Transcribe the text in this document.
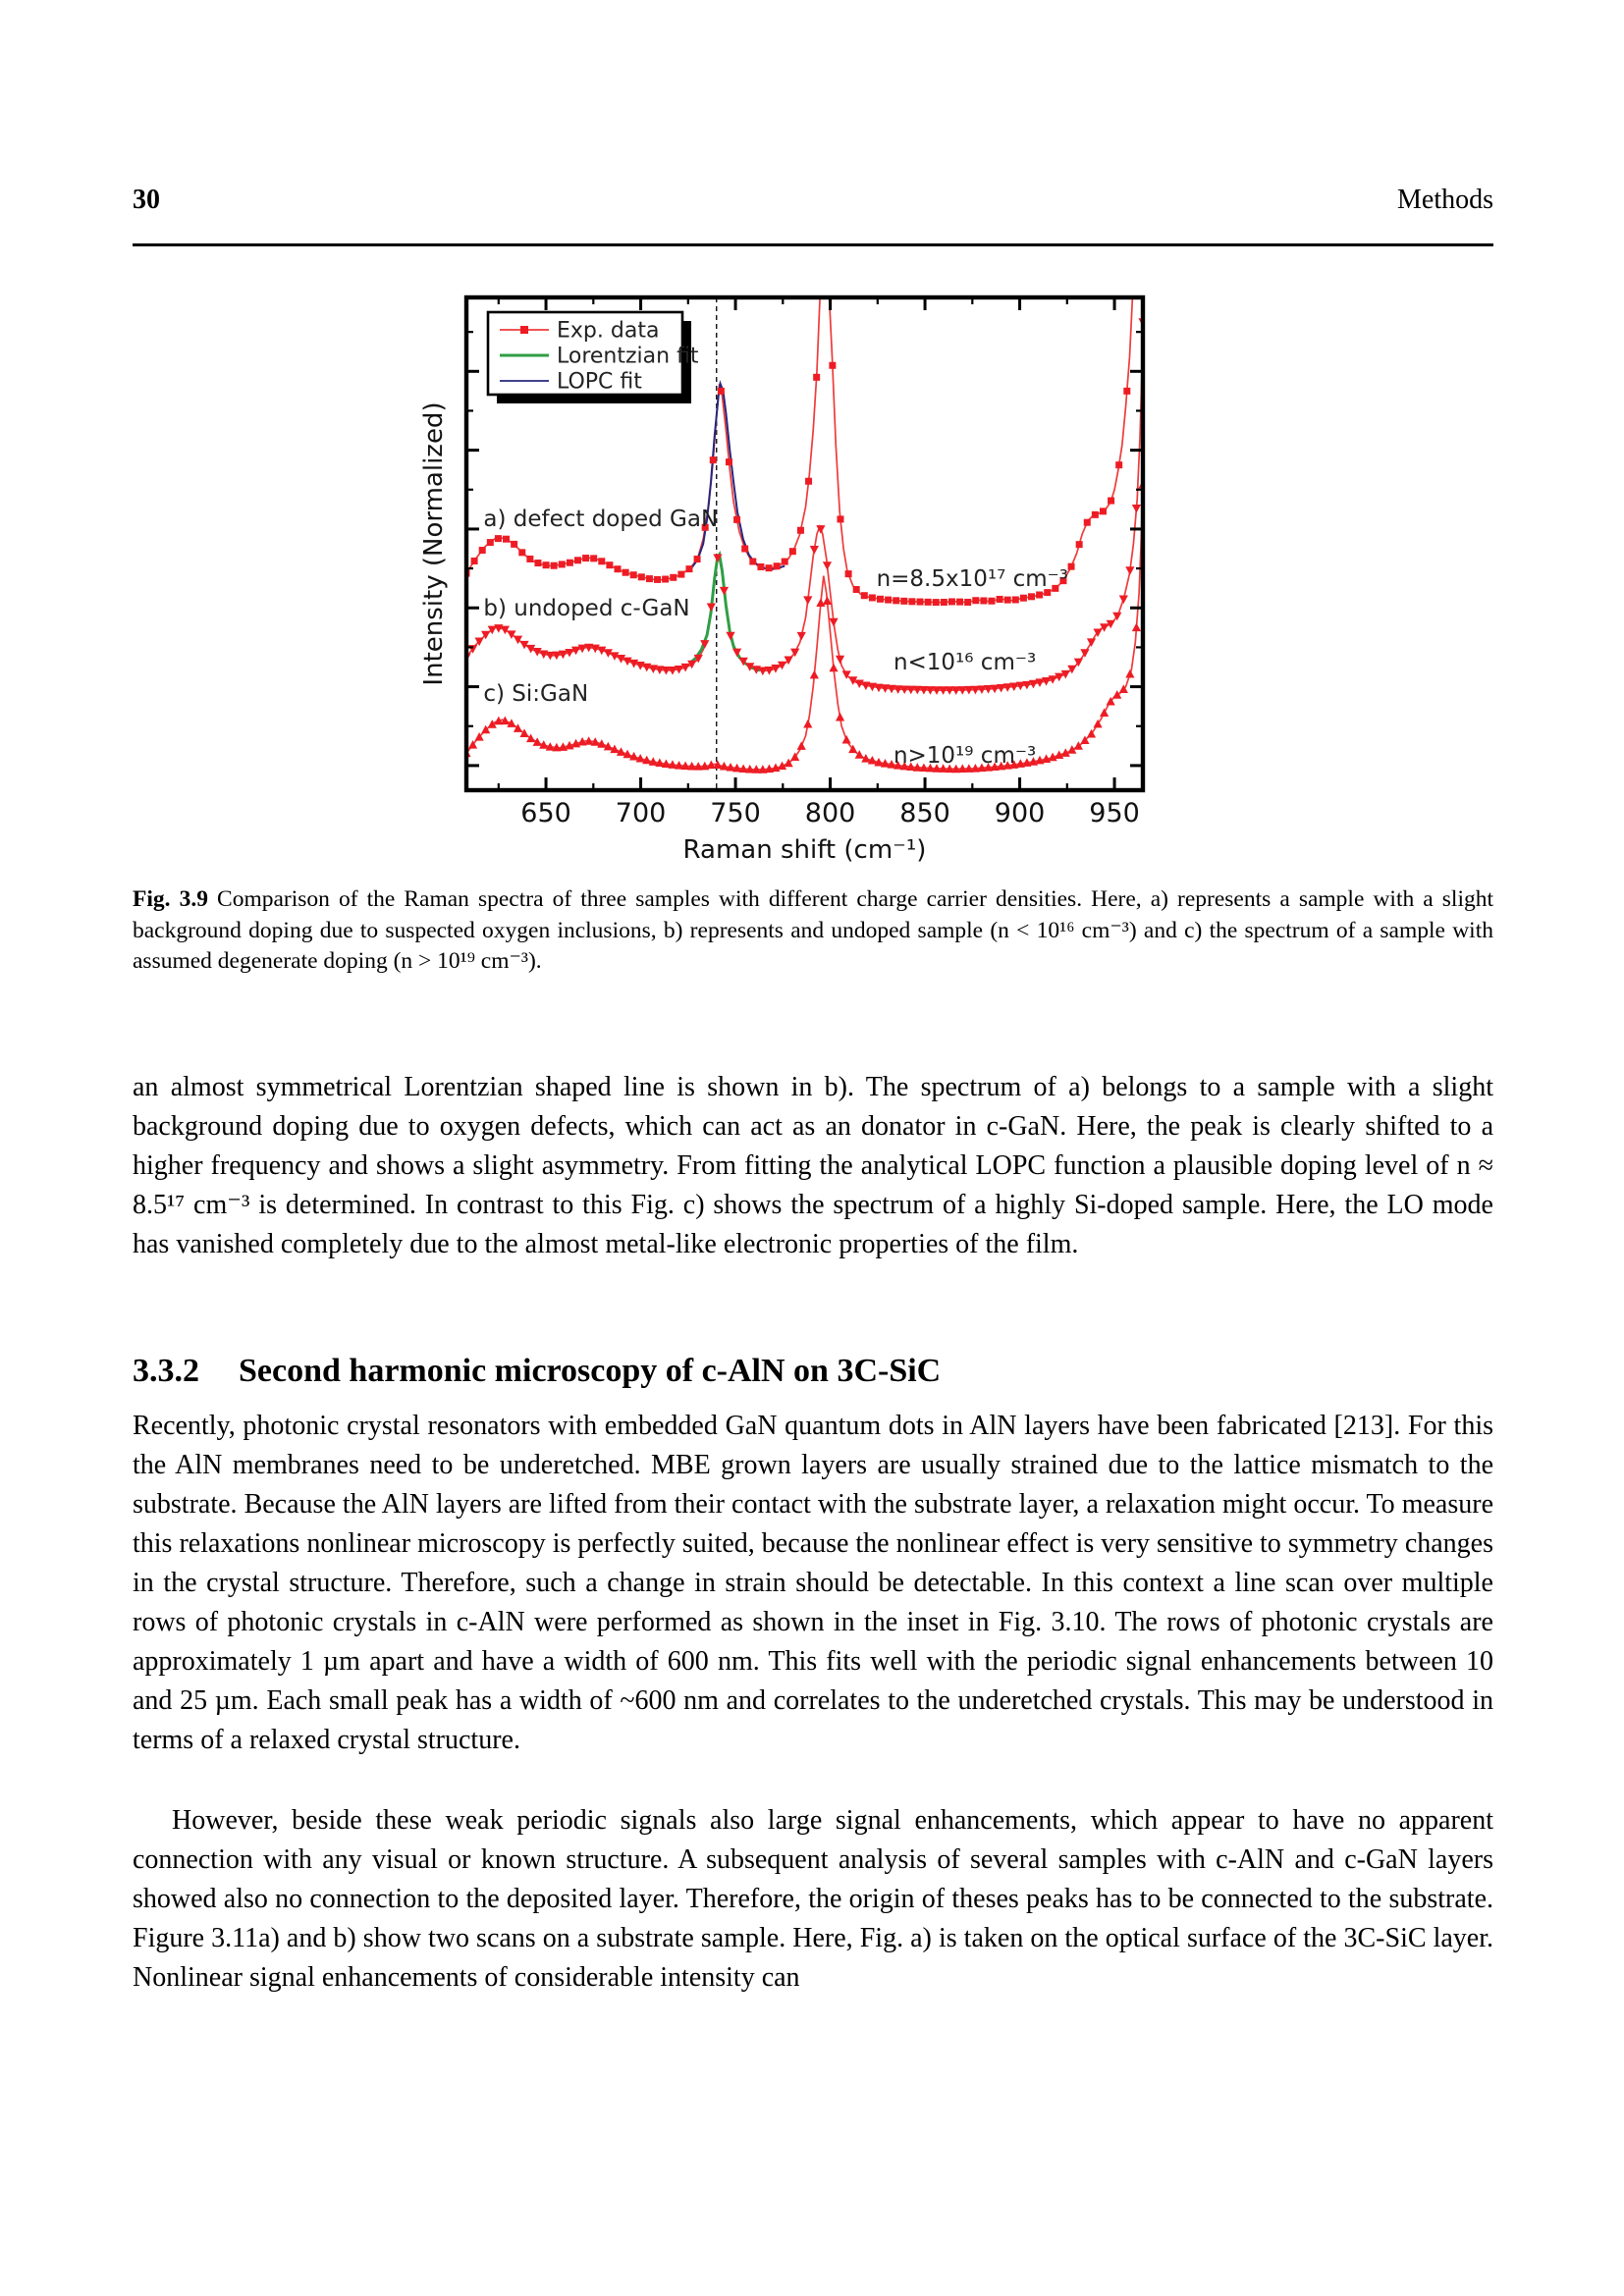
30	Methods
650 700 750 800 850 900 950
Raman shift (cm⁻¹)
Intensity (Normalized) a) defect doped GaN
b) undoped c-GaN
c) Si:GaN
n=8.5x10¹⁷ cm⁻³
n<10¹⁶ cm⁻³
n>10¹⁹ cm⁻³
Exp. data
Lorentzian fit
LOPC fit

Fig. 3.9 Comparison of the Raman spectra of three samples with different charge carrier densities. Here, a) represents a sample with a slight background doping due to suspected oxygen inclusions, b) represents and undoped sample (n < 10¹⁶ cm⁻³) and c) the spectrum of a sample with assumed degenerate doping (n > 10¹⁹ cm⁻³).

an almost symmetrical Lorentzian shaped line is shown in b). The spectrum of a) belongs to a sample with a slight background doping due to oxygen defects, which can act as an donator in c-GaN. Here, the peak is clearly shifted to a higher frequency and shows a slight asymmetry. From fitting the analytical LOPC function a plausible doping level of n ≈ 8.5¹⁷ cm⁻³ is determined. In contrast to this Fig. c) shows the spectrum of a highly Si-doped sample. Here, the LO mode has vanished completely due to the almost metal-like electronic properties of the film.

3.3.2 Second harmonic microscopy of c-AlN on 3C-SiC

Recently, photonic crystal resonators with embedded GaN quantum dots in AlN layers have been fabricated [213]. For this the AlN membranes need to be underetched. MBE grown layers are usually strained due to the lattice mismatch to the substrate. Because the AlN layers are lifted from their contact with the substrate layer, a relaxation might occur. To measure this relaxations nonlinear microscopy is perfectly suited, because the nonlinear effect is very sensitive to symmetry changes in the crystal structure. Therefore, such a change in strain should be detectable. In this context a line scan over multiple rows of photonic crystals in c-AlN were performed as shown in the inset in Fig. 3.10. The rows of photonic crystals are approximately 1 µm apart and have a width of 600 nm. This fits well with the periodic signal enhancements between 10 and 25 µm. Each small peak has a width of ~600 nm and correlates to the underetched crystals. This may be understood in terms of a relaxed crystal structure.

However, beside these weak periodic signals also large signal enhancements, which appear to have no apparent connection with any visual or known structure. A subsequent analysis of several samples with c-AlN and c-GaN layers showed also no connection to the deposited layer. Therefore, the origin of theses peaks has to be connected to the substrate. Figure 3.11a) and b) show two scans on a substrate sample. Here, Fig. a) is taken on the optical surface of the 3C-SiC layer. Nonlinear signal enhancements of considerable intensity can
